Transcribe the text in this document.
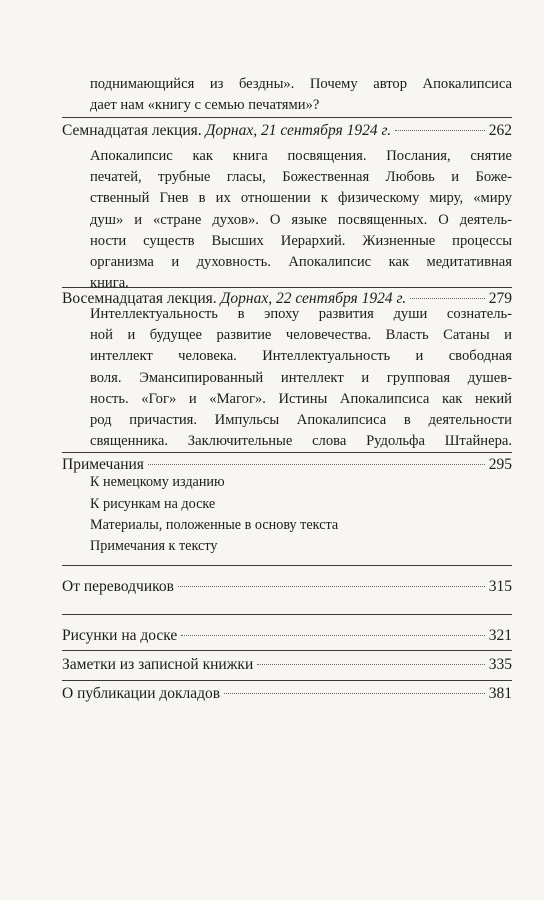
поднимающийся из бездны». Почему автор Апокалипсиса
дает нам «книгу с семью печатями»?
Семнадцатая лекция. Дорнах, 21 сентября 1924 г.	262
Апокалипсис как книга посвящения. Послания, снятие
печатей, трубные гласы, Божественная Любовь и Боже-
ственный Гнев в их отношении к физическому миру, «миру
душ» и «стране духов». О языке посвященных. О деятель-
ности существ Высших Иерархий. Жизненные процессы
организма и духовность. Апокалипсис как медитативная
книга.
Восемнадцатая лекция. Дорнах, 22 сентября 1924 г.	279
Интеллектуальность в эпоху развития души сознатель-
ной и будущее развитие человечества. Власть Сатаны и
интеллект человека. Интеллектуальность и свободная
воля. Эмансипированный интеллект и групповая душев-
ность. «Гог» и «Магог». Истины Апокалипсиса как некий
род причастия. Импульсы Апокалипсиса в деятельности
священника. Заключительные слова Рудольфа Штайнера.
Примечания	295
К немецкому изданию
К рисункам на доске
Материалы, положенные в основу текста
Примечания к тексту
От переводчиков	315
Рисунки на доске	321
Заметки из записной книжки	335
О публикации докладов	381
